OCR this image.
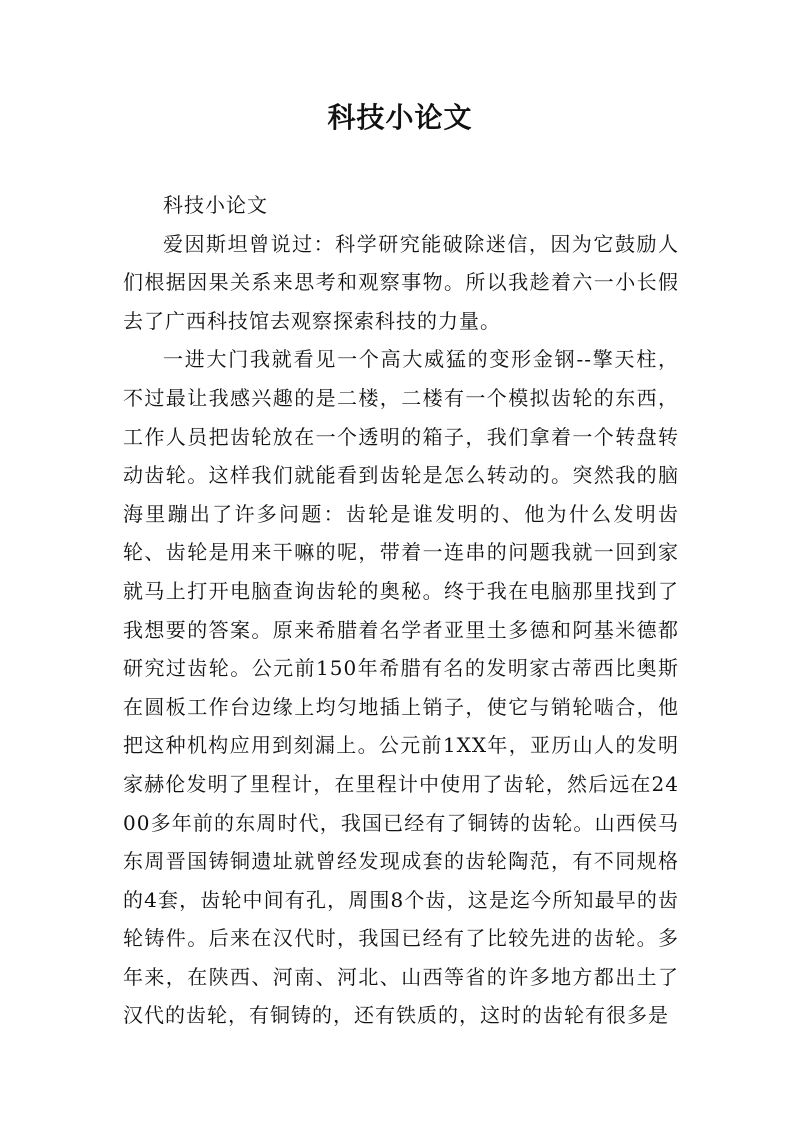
科技小论文

科技小论文

爱因斯坦曾说过：科学研究能破除迷信，因为它鼓励人们根据因果关系来思考和观察事物。所以我趁着六一小长假去了广西科技馆去观察探索科技的力量。

一进大门我就看见一个高大威猛的变形金钢--擎天柱，不过最让我感兴趣的是二楼，二楼有一个模拟齿轮的东西，工作人员把齿轮放在一个透明的箱子，我们拿着一个转盘转动齿轮。这样我们就能看到齿轮是怎么转动的。突然我的脑海里蹦出了许多问题：齿轮是谁发明的、他为什么发明齿轮、齿轮是用来干嘛的呢，带着一连串的问题我就一回到家就马上打开电脑查询齿轮的奥秘。终于我在电脑那里找到了我想要的答案。原来希腊着名学者亚里土多德和阿基米德都研究过齿轮。公元前150年希腊有名的发明家古蒂西比奥斯在圆板工作台边缘上均匀地插上销子，使它与销轮啮合，他把这种机构应用到刻漏上。公元前1XX年，亚历山人的发明家赫伦发明了里程计，在里程计中使用了齿轮，然后远在2400多年前的东周时代，我国已经有了铜铸的齿轮。山西侯马东周晋国铸铜遗址就曾经发现成套的齿轮陶范，有不同规格的4套，齿轮中间有孔，周围8个齿，这是迄今所知最早的齿轮铸件。后来在汉代时，我国已经有了比较先进的齿轮。多年来，在陕西、河南、河北、山西等省的许多地方都出土了汉代的齿轮，有铜铸的，还有铁质的，这时的齿轮有很多是
